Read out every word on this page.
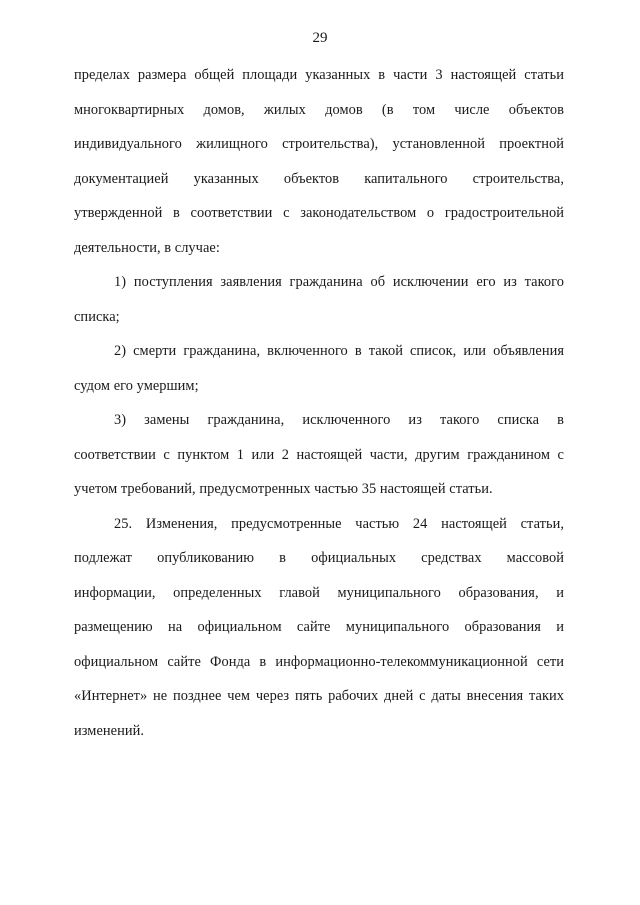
29
пределах размера общей площади указанных в части 3 настоящей статьи
многоквартирных домов, жилых домов (в том числе объектов
индивидуального жилищного строительства), установленной проектной
документацией указанных объектов капитального строительства,
утвержденной в соответствии с законодательством о градостроительной
деятельности, в случае:
1) поступления заявления гражданина об исключении его из такого
списка;
2) смерти гражданина, включенного в такой список, или объявления
судом его умершим;
3) замены гражданина, исключенного из такого списка в
соответствии с пунктом 1 или 2 настоящей части, другим гражданином с
учетом требований, предусмотренных частью 35 настоящей статьи.
25. Изменения, предусмотренные частью 24 настоящей статьи,
подлежат опубликованию в официальных средствах массовой
информации, определенных главой муниципального образования, и
размещению на официальном сайте муниципального образования и
официальном сайте Фонда в информационно-телекоммуникационной сети
«Интернет» не позднее чем через пять рабочих дней с даты внесения таких
изменений.
